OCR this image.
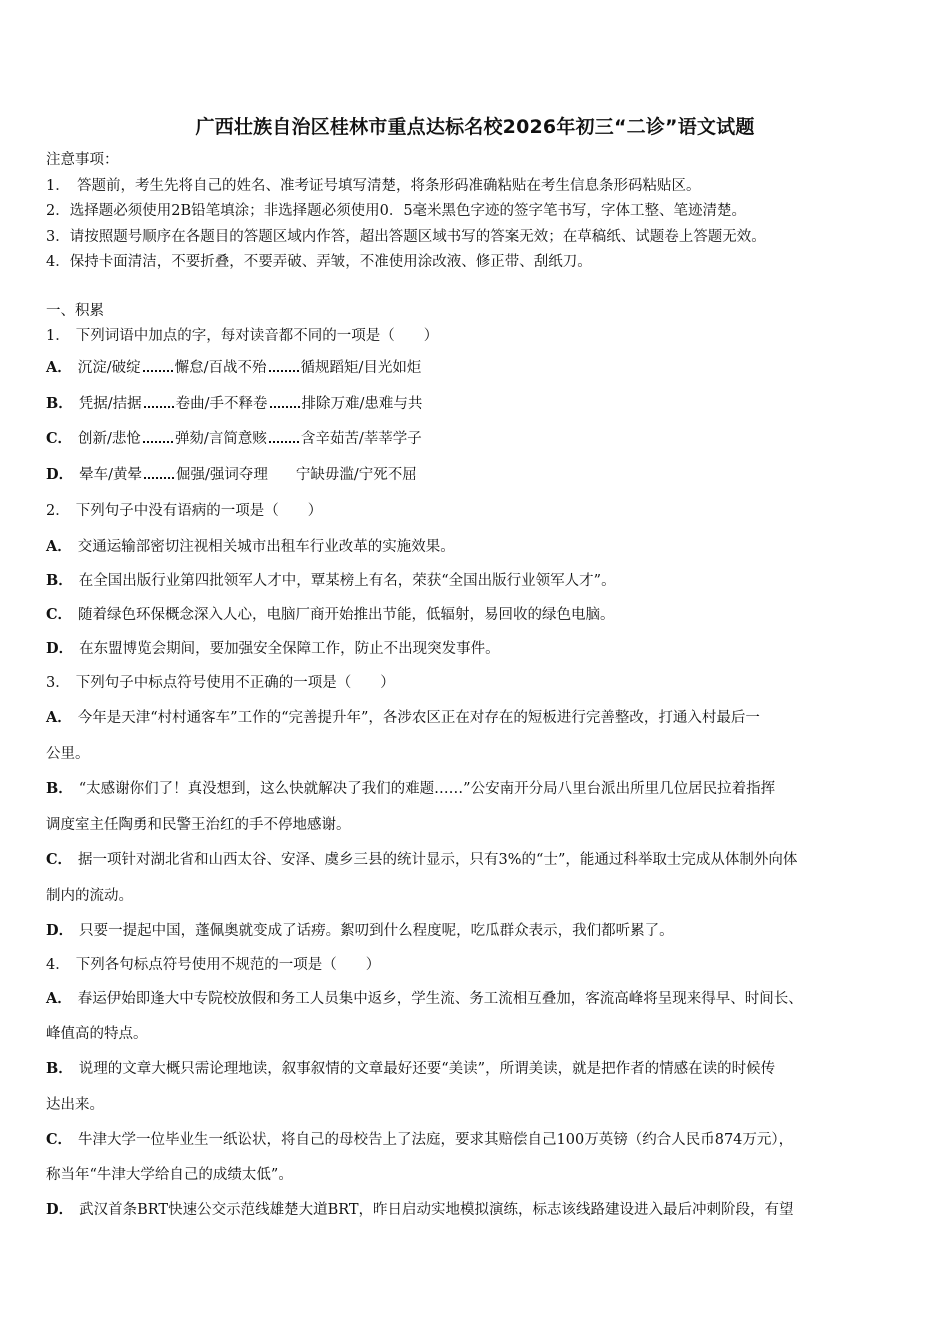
广西壮族自治区桂林市重点达标名校2026年初三“二诊”语文试题
注意事项：
1．　答题前，考生先将自己的姓名、准考证号填写清楚，将条形码准确粘贴在考生信息条形码粘贴区。
2．选择题必须使用2B铅笔填涂；非选择题必须使用0．5毫米黑色字迹的签字笔书写，字体工整、笔迹清楚。
3．请按照题号顺序在各题目的答题区域内作答，超出答题区域书写的答案无效；在草稿纸、试题卷上答题无效。
4．保持卡面清洁，不要折叠，不要弄破、弄皱，不准使用涂改液、修正带、刮纸刀。
一、积累
1． 下列词语中加点的字，每对读音都不同的一项是（　　）
A． 沉淀/破绽 懈怠/百战不殆 循规蹈矩/目光如炬
B． 凭据/拮据 卷曲/手不释卷 排除万难/患难与共
C． 创新/悲怆 弹劾/言简意赅 含辛茹苦/莘莘学子
D． 晕车/黄晕 倔强/强词夺理 宁缺毋滥/宁死不屈
2． 下列句子中没有语病的一项是（　　）
A． 交通运输部密切注视相关城市出租车行业改革的实施效果。
B． 在全国出版行业第四批领军人才中，覃某榜上有名，荣获“全国出版行业领军人才”。
C． 随着绿色环保概念深入人心，电脑厂商开始推出节能，低辐射，易回收的绿色电脑。
D． 在东盟博览会期间，要加强安全保障工作，防止不出现突发事件。
3． 下列句子中标点符号使用不正确的一项是（　　）
A． 今年是天津“村村通客车”工作的“完善提升年”，各涉农区正在对存在的短板进行完善整改，打通入村最后一
公里。
B． “太感谢你们了！真没想到，这么快就解决了我们的难题……”公安南开分局八里台派出所里几位居民拉着指挥
调度室主任陶勇和民警王治红的手不停地感谢。
C． 据一项针对湖北省和山西太谷、安泽、虞乡三县的统计显示，只有3%的“士”，能通过科举取士完成从体制外向体
制内的流动。
D． 只要一提起中国，蓬佩奥就变成了话痨。絮叨到什么程度呢，吃瓜群众表示，我们都听累了。
4． 下列各句标点符号使用不规范的一项是（　　）
A． 春运伊始即逢大中专院校放假和务工人员集中返乡，学生流、务工流相互叠加，客流高峰将呈现来得早、时间长、
峰值高的特点。
B． 说理的文章大概只需论理地读，叙事叙情的文章最好还要“美读”，所谓美读，就是把作者的情感在读的时候传
达出来。
C． 牛津大学一位毕业生一纸讼状，将自己的母校告上了法庭，要求其赔偿自己100万英镑（约合人民币874万元），
称当年“牛津大学给自己的成绩太低”。
D． 武汉首条BRT快速公交示范线雄楚大道BRT，昨日启动实地模拟演练，标志该线路建设进入最后冲刺阶段，有望
